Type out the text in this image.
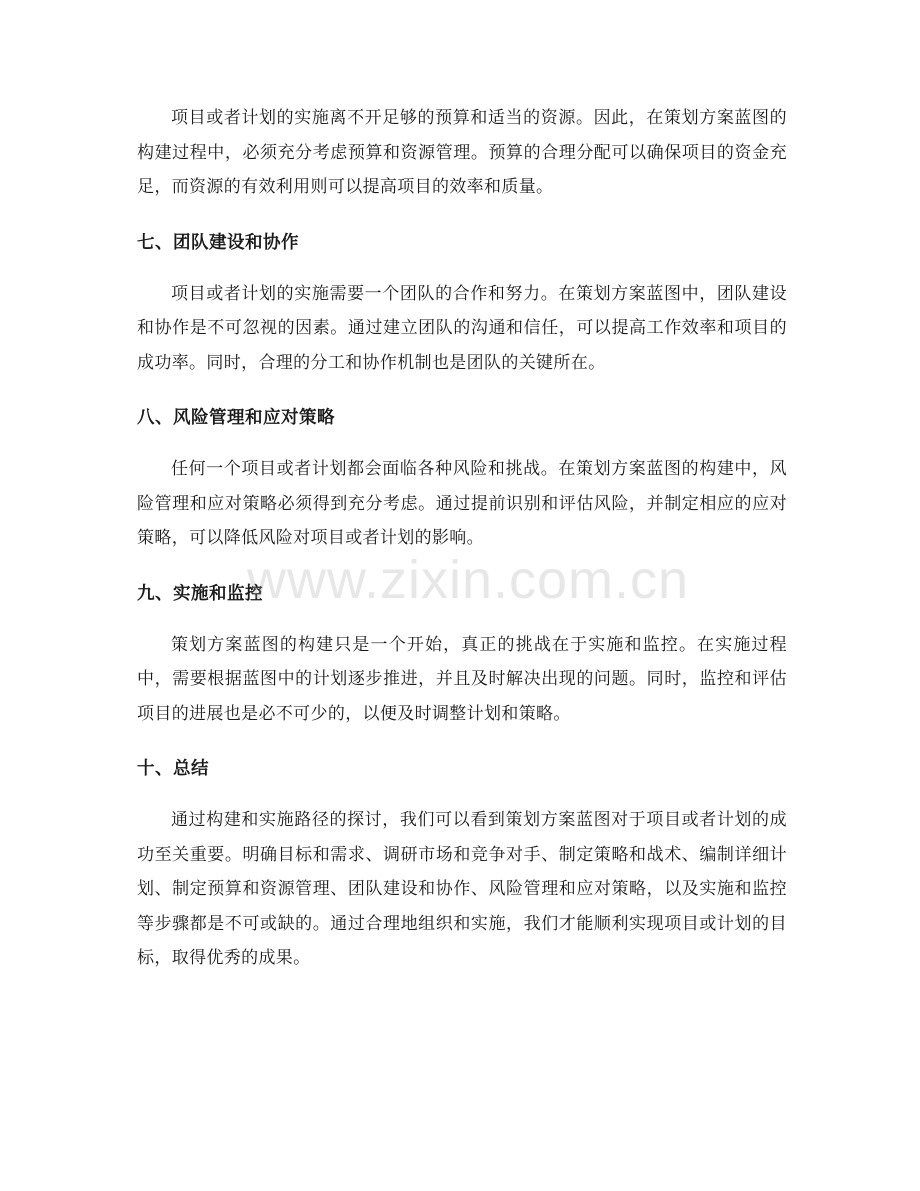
项目或者计划的实施离不开足够的预算和适当的资源。因此，在策划方案蓝图的构建过程中，必须充分考虑预算和资源管理。预算的合理分配可以确保项目的资金充足，而资源的有效利用则可以提高项目的效率和质量。

七、团队建设和协作

项目或者计划的实施需要一个团队的合作和努力。在策划方案蓝图中，团队建设和协作是不可忽视的因素。通过建立团队的沟通和信任，可以提高工作效率和项目的成功率。同时，合理的分工和协作机制也是团队的关键所在。

八、风险管理和应对策略

任何一个项目或者计划都会面临各种风险和挑战。在策划方案蓝图的构建中，风险管理和应对策略必须得到充分考虑。通过提前识别和评估风险，并制定相应的应对策略，可以降低风险对项目或者计划的影响。

九、实施和监控

策划方案蓝图的构建只是一个开始，真正的挑战在于实施和监控。在实施过程中，需要根据蓝图中的计划逐步推进，并且及时解决出现的问题。同时，监控和评估项目的进展也是必不可少的，以便及时调整计划和策略。

十、总结

通过构建和实施路径的探讨，我们可以看到策划方案蓝图对于项目或者计划的成功至关重要。明确目标和需求、调研市场和竞争对手、制定策略和战术、编制详细计划、制定预算和资源管理、团队建设和协作、风险管理和应对策略，以及实施和监控等步骤都是不可或缺的。通过合理地组织和实施，我们才能顺利实现项目或计划的目标，取得优秀的成果。

www.zixin.com.cn
